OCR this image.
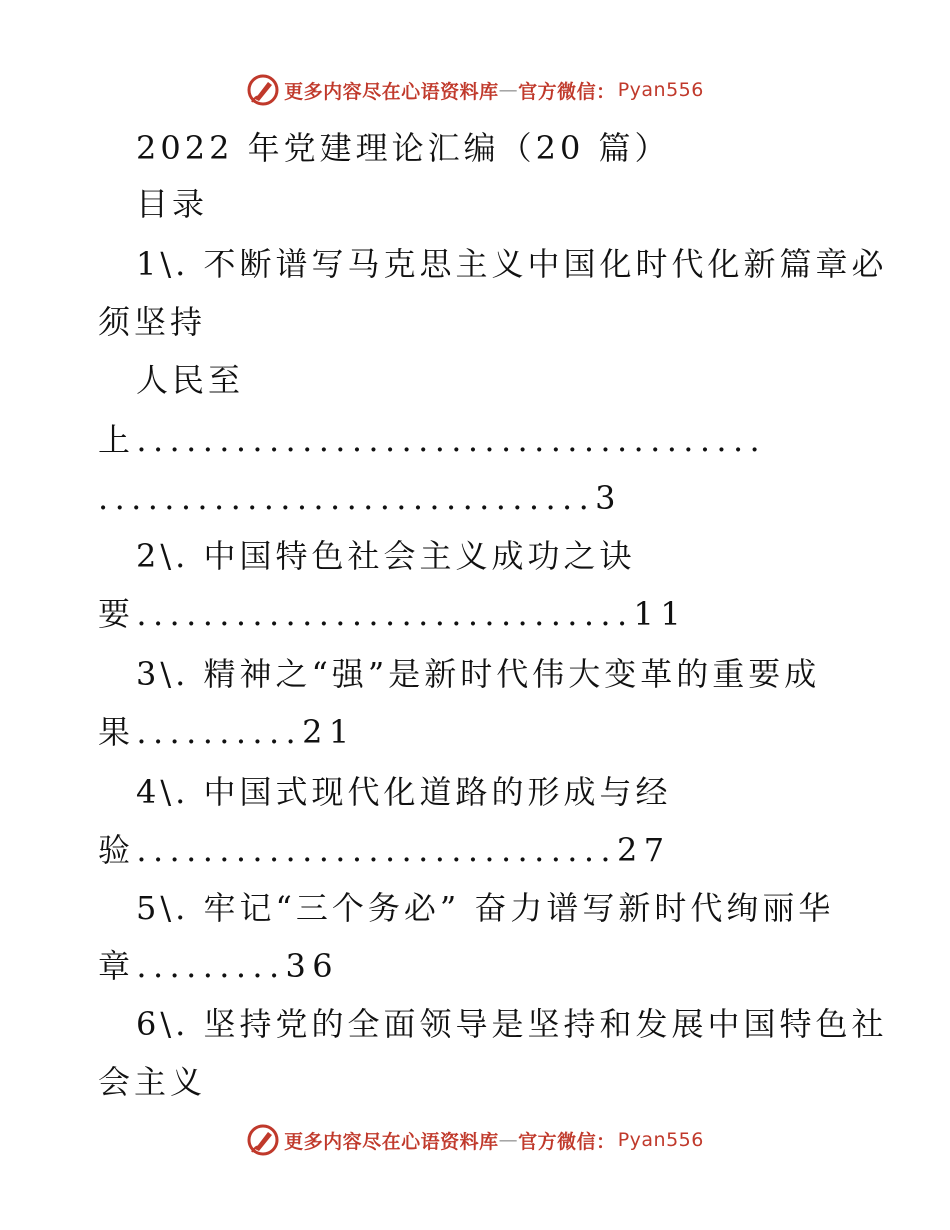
更多内容尽在心语资料库 — 官方微信： Pyan556
2022 年党建理论汇编（20 篇）
目录
1\. 不断谱写马克思主义中国化时代化新篇章必
须坚持
人民至
上......................................
..............................3
2\. 中国特色社会主义成功之诀
要..............................11
3\. 精神之“强”是新时代伟大变革的重要成
果..........21
4\. 中国式现代化道路的形成与经
验.............................27
5\. 牢记“三个务必” 奋力谱写新时代绚丽华
章.........36
6\. 坚持党的全面领导是坚持和发展中国特色社
会主义
更多内容尽在心语资料库 — 官方微信： Pyan556
